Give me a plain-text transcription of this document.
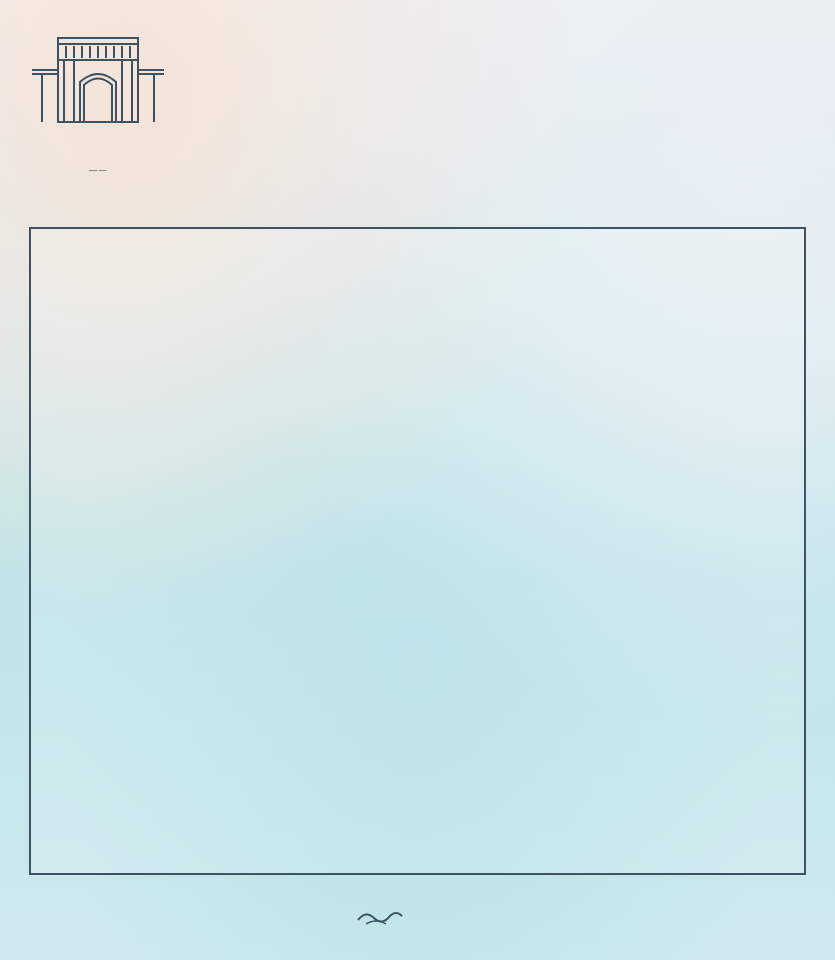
——
